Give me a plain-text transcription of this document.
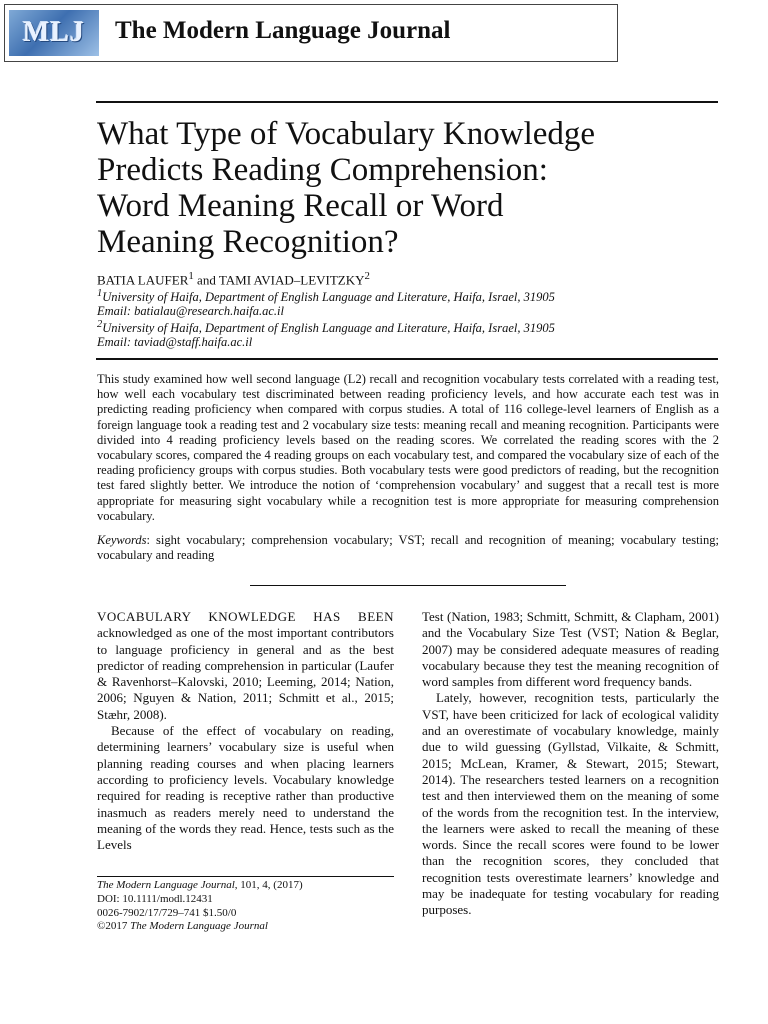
MLJ	The Modern Language Journal
What Type of Vocabulary Knowledge
Predicts Reading Comprehension:
Word Meaning Recall or Word
Meaning Recognition?
BATIA LAUFER$^1$ and TAMI AVIAD–LEVITZKY$^2$
$^1$University of Haifa, Department of English Language and Literature, Haifa, Israel, 31905
Email: batialau@research.haifa.ac.il
$^2$University of Haifa, Department of English Language and Literature, Haifa, Israel, 31905
Email: taviad@staff.haifa.ac.il
This study examined how well second language (L2) recall and recognition vocabulary tests correlated with a reading test, how well each vocabulary test discriminated between reading proficiency levels, and how accurate each test was in predicting reading proficiency when compared with corpus studies. A total of 116 college-level learners of English as a foreign language took a reading test and 2 vocabulary size tests: meaning recall and meaning recognition. Participants were divided into 4 reading proficiency levels based on the reading scores. We correlated the reading scores with the 2 vocabulary scores, compared the 4 reading groups on each vocabulary test, and compared the vocabulary size of each of the reading proficiency groups with corpus studies. Both vocabulary tests were good predictors of reading, but the recognition test fared slightly better. We introduce the notion of ‘comprehension vocabulary’ and suggest that a recall test is more appropriate for measuring sight vocabulary while a recognition test is more appropriate for measuring comprehension vocabulary.
Keywords: sight vocabulary; comprehension vocabulary; VST; recall and recognition of meaning; vocabulary testing; vocabulary and reading

VOCABULARY KNOWLEDGE HAS BEEN acknowledged as one of the most important contributors to language proficiency in general and as the best predictor of reading comprehension in particular (Laufer & Ravenhorst–Kalovski, 2010; Leeming, 2014; Nation, 2006; Nguyen & Nation, 2011; Schmitt et al., 2015; Stæhr, 2008).

Because of the effect of vocabulary on reading, determining learners’ vocabulary size is useful when planning reading courses and when placing learners according to proficiency levels. Vocabulary knowledge required for reading is receptive rather than productive inasmuch as readers merely need to understand the meaning of the words they read. Hence, tests such as the Levels

Test (Nation, 1983; Schmitt, Schmitt, & Clapham, 2001) and the Vocabulary Size Test (VST; Nation & Beglar, 2007) may be considered adequate measures of reading vocabulary because they test the meaning recognition of word samples from different word frequency bands.

Lately, however, recognition tests, particularly the VST, have been criticized for lack of ecological validity and an overestimate of vocabulary knowledge, mainly due to wild guessing (Gyllstad, Vilkaite, & Schmitt, 2015; McLean, Kramer, & Stewart, 2015; Stewart, 2014). The researchers tested learners on a recognition test and then interviewed them on the meaning of some of the words from the recognition test. In the interview, the learners were asked to recall the meaning of these words. Since the recall scores were found to be lower than the recognition scores, they concluded that recognition tests overestimate learners’ knowledge and may be inadequate for testing vocabulary for reading purposes.

The Modern Language Journal, 101, 4, (2017)
DOI: 10.1111/modl.12431
0026-7902/17/729–741 $1.50/0
©2017 The Modern Language Journal
